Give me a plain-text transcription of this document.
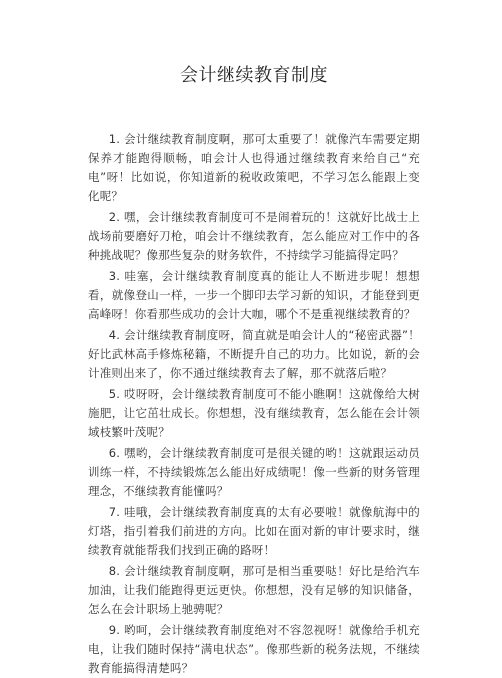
会计继续教育制度

1. 会计继续教育制度啊，那可太重要了！就像汽车需要定期保养才能跑得顺畅，咱会计人也得通过继续教育来给自己“充电”呀！比如说，你知道新的税收政策吧，不学习怎么能跟上变化呢？

2. 嘿，会计继续教育制度可不是闹着玩的！这就好比战士上战场前要磨好刀枪，咱会计不继续教育，怎么能应对工作中的各种挑战呢？像那些复杂的财务软件，不持续学习能搞得定吗？

3. 哇塞，会计继续教育制度真的能让人不断进步呢！想想看，就像登山一样，一步一个脚印去学习新的知识，才能登到更高峰呀！你看那些成功的会计大咖，哪个不是重视继续教育的？

4. 会计继续教育制度呀，简直就是咱会计人的“秘密武器”！好比武林高手修炼秘籍，不断提升自己的功力。比如说，新的会计准则出来了，你不通过继续教育去了解，那不就落后啦？

5. 哎呀呀，会计继续教育制度可不能小瞧啊！这就像给大树施肥，让它茁壮成长。你想想，没有继续教育，怎么能在会计领域枝繁叶茂呢？

6. 嘿哟，会计继续教育制度可是很关键的哟！这就跟运动员训练一样，不持续锻炼怎么能出好成绩呢！像一些新的财务管理理念，不继续教育能懂吗？

7. 哇哦，会计继续教育制度真的太有必要啦！就像航海中的灯塔，指引着我们前进的方向。比如在面对新的审计要求时，继续教育就能帮我们找到正确的路呀！

8. 会计继续教育制度啊，那可是相当重要哒！好比是给汽车加油，让我们能跑得更远更快。你想想，没有足够的知识储备，怎么在会计职场上驰骋呢？

9. 哟呵，会计继续教育制度绝对不容忽视呀！就像给手机充电，让我们随时保持“满电状态”。像那些新的税务法规，不继续教育能搞得清楚吗？
